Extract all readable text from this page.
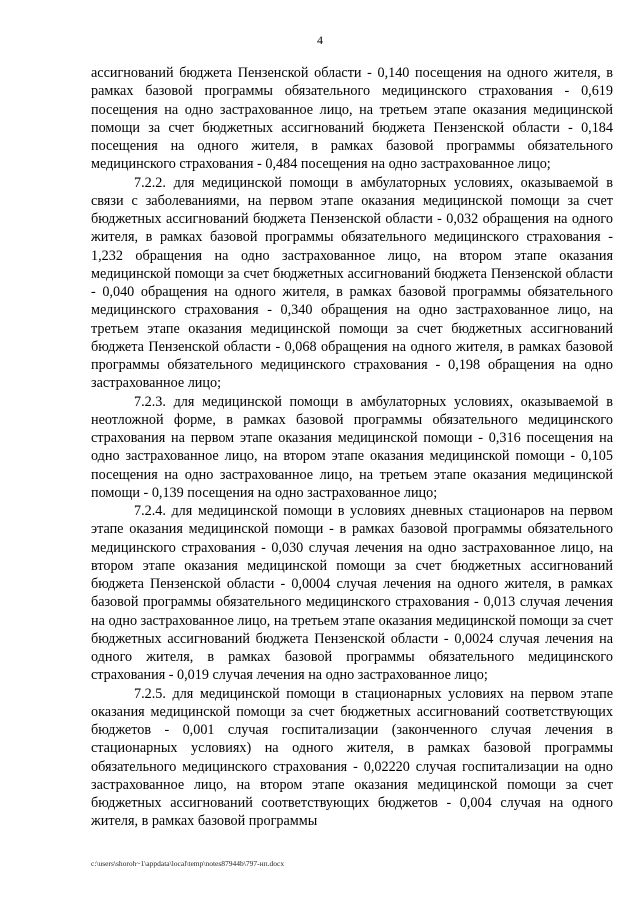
4

ассигнований бюджета Пензенской области - 0,140 посещения на одного жителя, в рамках базовой программы обязательного медицинского страхования - 0,619 посещения на одно застрахованное лицо, на третьем этапе оказания медицинской помощи за счет бюджетных ассигнований бюджета Пензенской области - 0,184 посещения на одного жителя, в рамках базовой программы обязательного медицинского страхования - 0,484 посещения на одно застрахованное лицо;

7.2.2. для медицинской помощи в амбулаторных условиях, оказываемой в связи с заболеваниями, на первом этапе оказания медицинской помощи за счет бюджетных ассигнований бюджета Пензенской области - 0,032 обращения на одного жителя, в рамках базовой программы обязательного медицинского страхования - 1,232 обращения на одно застрахованное лицо, на втором этапе оказания медицинской помощи за счет бюджетных ассигнований бюджета Пензенской области - 0,040 обращения на одного жителя, в рамках базовой программы обязательного медицинского страхования - 0,340 обращения на одно застрахованное лицо, на третьем этапе оказания медицинской помощи за счет бюджетных ассигнований бюджета Пензенской области - 0,068 обращения на одного жителя, в рамках базовой программы обязательного медицинского страхования - 0,198 обращения на одно застрахованное лицо;

7.2.3. для медицинской помощи в амбулаторных условиях, оказываемой в неотложной форме, в рамках базовой программы обязательного медицинского страхования на первом этапе оказания медицинской помощи - 0,316 посещения на одно застрахованное лицо, на втором этапе оказания медицинской помощи - 0,105 посещения на одно застрахованное лицо, на третьем этапе оказания медицинской помощи - 0,139 посещения на одно застрахованное лицо;

7.2.4. для медицинской помощи в условиях дневных стационаров на первом этапе оказания медицинской помощи - в рамках базовой программы обязательного медицинского страхования - 0,030 случая лечения на одно застрахованное лицо, на втором этапе оказания медицинской помощи за счет бюджетных ассигнований бюджета Пензенской области - 0,0004 случая лечения на одного жителя, в рамках базовой программы обязательного медицинского страхования - 0,013 случая лечения на одно застрахованное лицо, на третьем этапе оказания медицинской помощи за счет бюджетных ассигнований бюджета Пензенской области - 0,0024 случая лечения на одного жителя, в рамках базовой программы обязательного медицинского страхования - 0,019 случая лечения на одно застрахованное лицо;

7.2.5. для медицинской помощи в стационарных условиях на первом этапе оказания медицинской помощи за счет бюджетных ассигнований соответствующих бюджетов - 0,001 случая госпитализации (законченного случая лечения в стационарных условиях) на одного жителя, в рамках базовой программы обязательного медицинского страхования - 0,02220 случая госпитализации на одно застрахованное лицо, на втором этапе оказания медицинской помощи за счет бюджетных ассигнований соответствующих бюджетов - 0,004 случая на одного жителя, в рамках базовой программы

c:\users\shoroh~1\appdata\local\temp\notes87944b\797-нп.docx
